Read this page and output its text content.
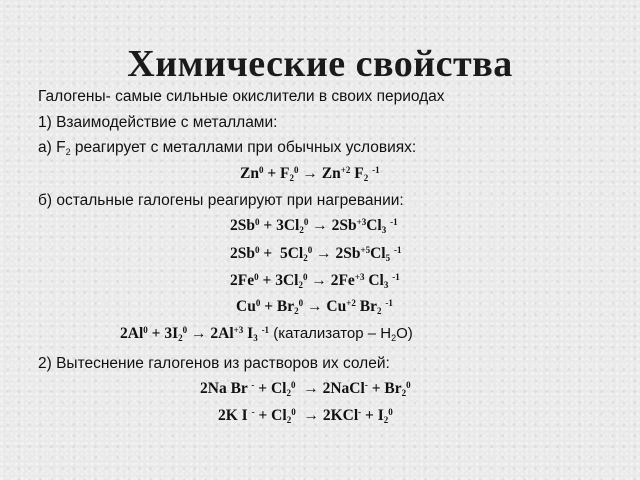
Химические свойства
Галогены- самые сильные окислители в своих периодах
1) Взаимодействие с металлами:
а) $F_2$ реагирует с металлами при обычных условиях:
$Zn^0 + F_2^0 \to Zn^{+2}$ $F_2$ $^{-1}$
б) остальные галогены реагируют при нагревании:
$2Sb^0 + 3Cl_2^0 \to 2Sb^{+3}Cl_3$ $^{-1}$
$2Sb^0 + 5Cl_2^0 \to 2Sb^{+5}Cl_5$ $^{-1}$
$2Fe^0 + 3Cl_2^0 \to 2Fe^{+3}$ $Cl_3$ $^{-1}$
$Cu^0 + Br_2^0 \to Cu^{+2}$ $Br_2$ $^{-1}$
$2Al^0 + 3I_2^0 \to 2Al^{+3}$ $I_3$ $^{-1}$ (катализатор – $H_2O$)
2) Вытеснение галогенов из растворов их солей:
2Na Br $^- + Cl_2^0$  → 2NaCl- + $Br_2^0$
2K I $^- + Cl_2^0 \to 2KCl^- + I_2^0$
